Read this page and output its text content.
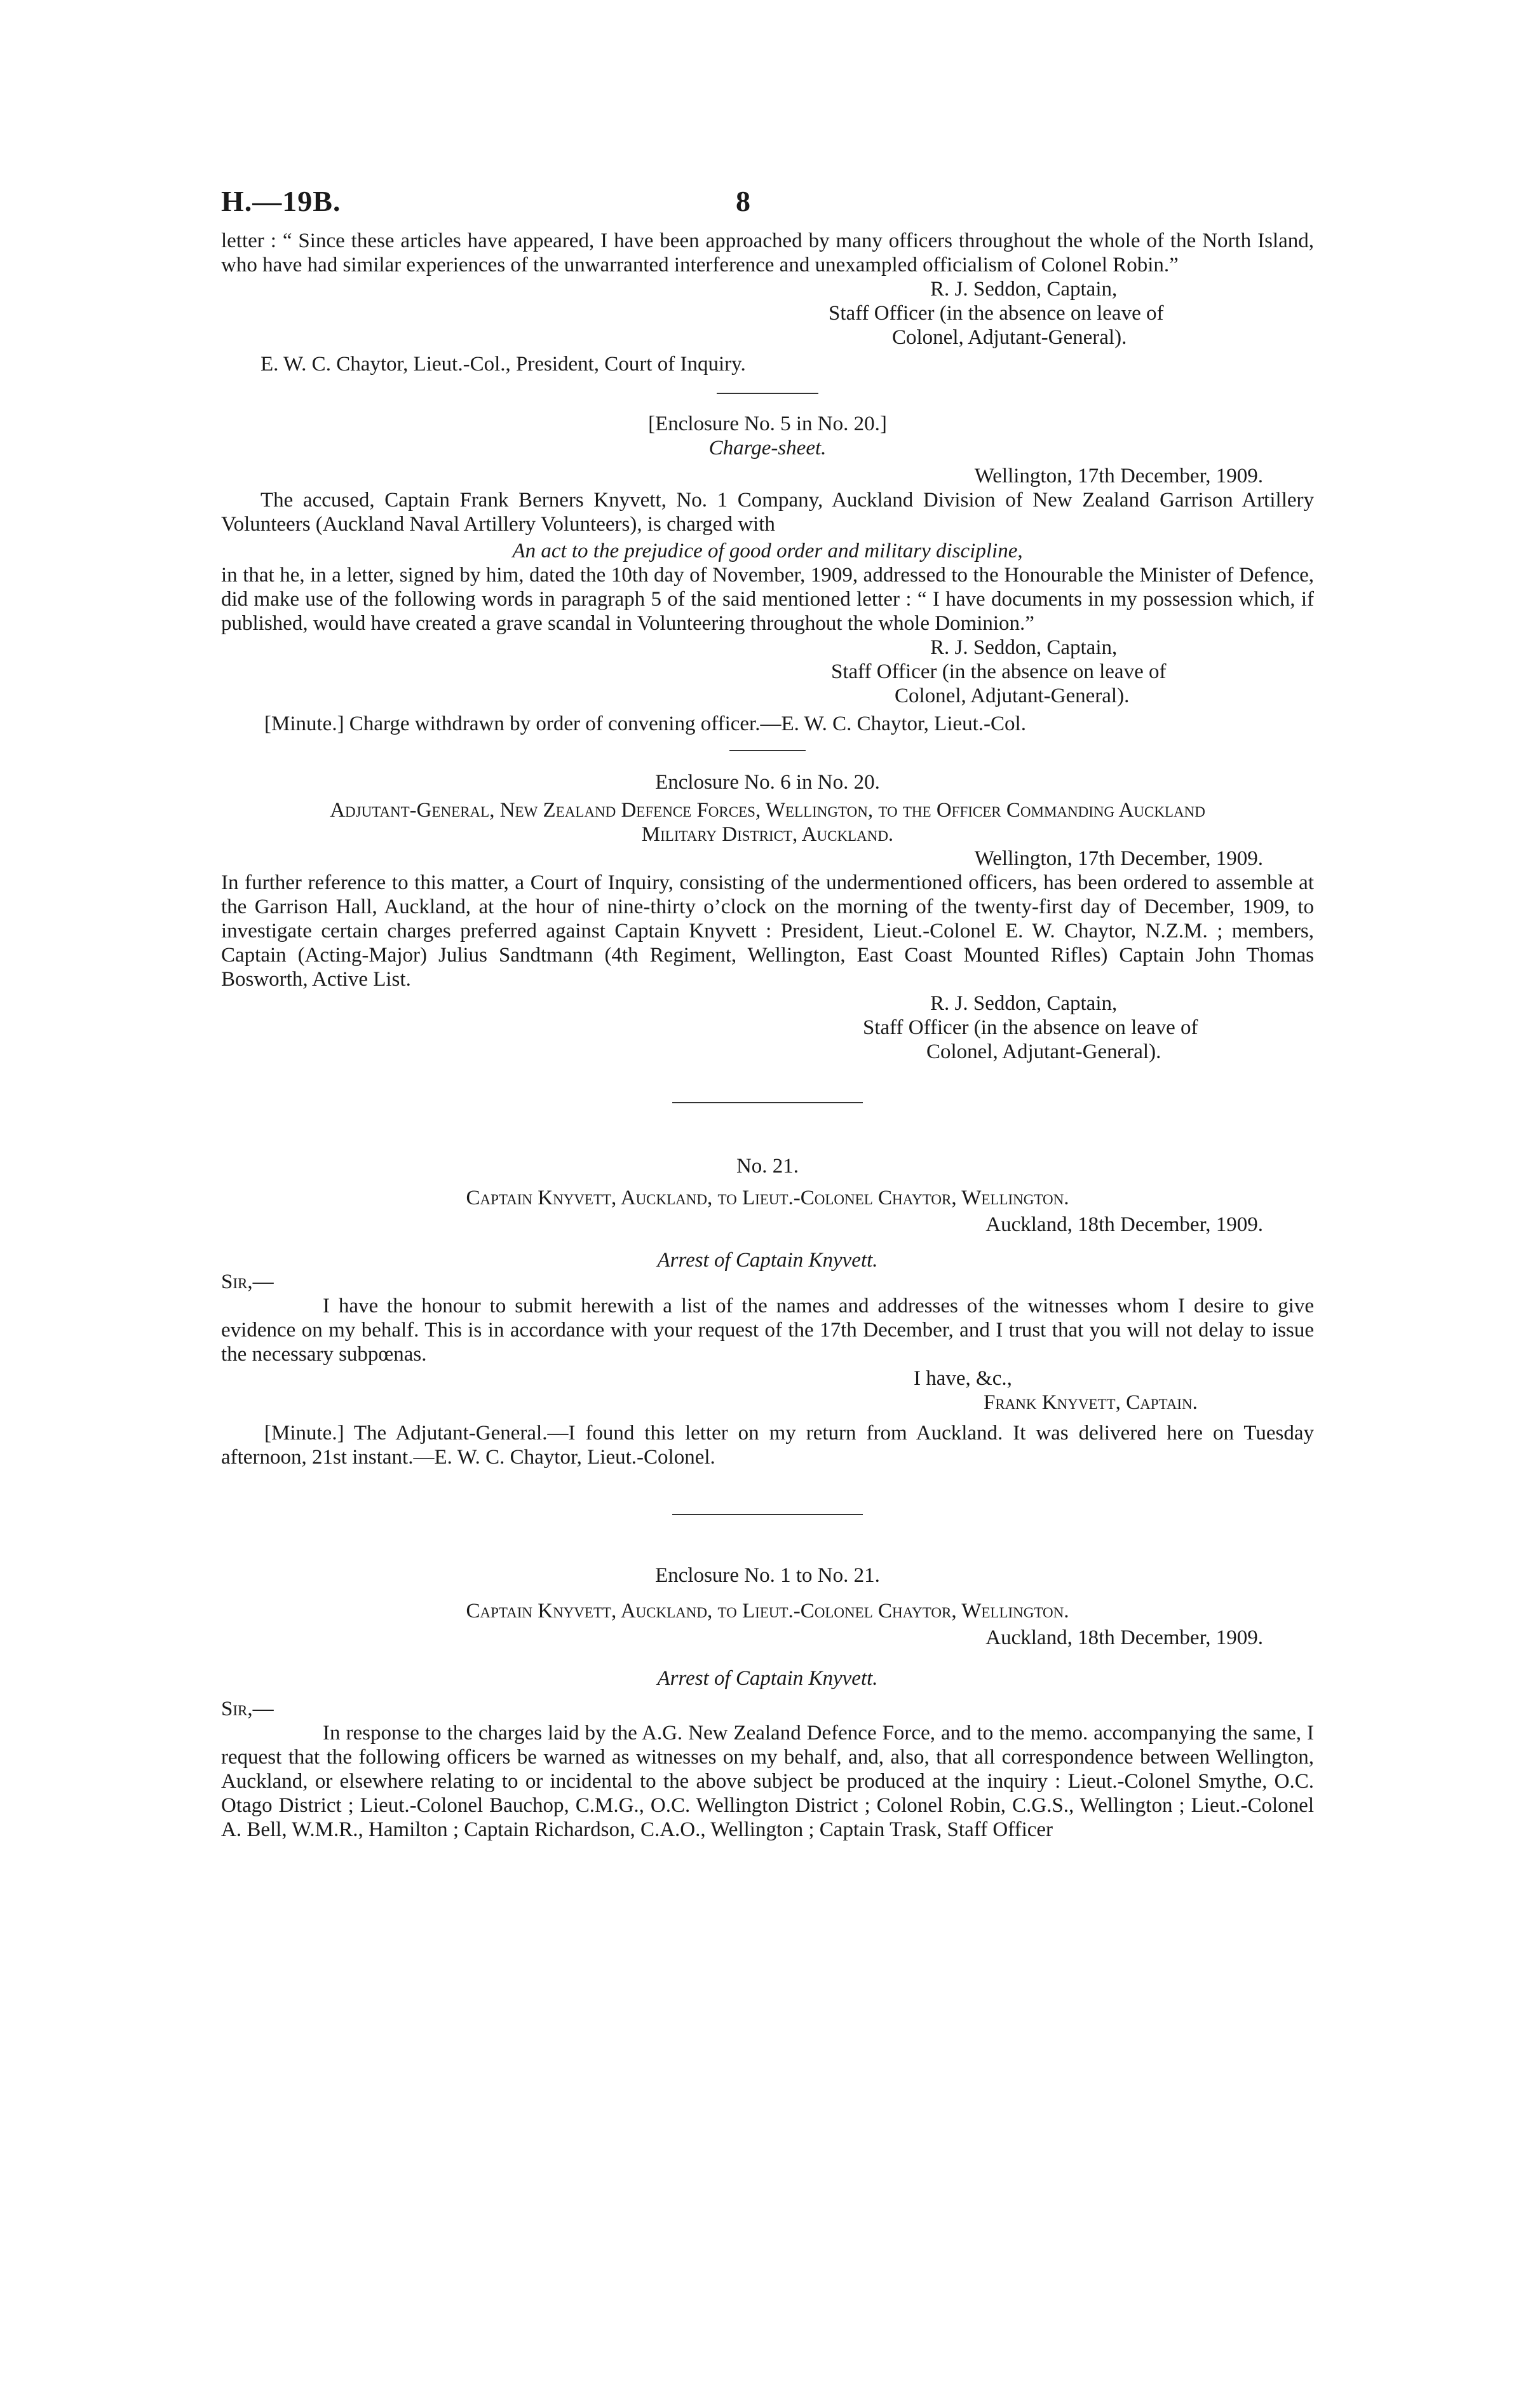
H.—19B.	8

letter : “ Since these articles have appeared, I have been approached by many officers throughout the whole of the North Island, who have had similar experiences of the unwarranted interference and unexampled officialism of Colonel Robin.”

R. J. Seddon, Captain,

Staff Officer (in the absence on leave of

Colonel, Adjutant-General).

E. W. C. Chaytor, Lieut.-Col., President, Court of Inquiry.

[Enclosure No. 5 in No. 20.]

Charge-sheet.

Wellington, 17th December, 1909.

The accused, Captain Frank Berners Knyvett, No. 1 Company, Auckland Division of New Zealand Garrison Artillery Volunteers (Auckland Naval Artillery Volunteers), is charged with

An act to the prejudice of good order and military discipline,

in that he, in a letter, signed by him, dated the 10th day of November, 1909, addressed to the Honourable the Minister of Defence, did make use of the following words in paragraph 5 of the said mentioned letter : “ I have documents in my possession which, if published, would have created a grave scandal in Volunteering throughout the whole Dominion.”

R. J. Seddon, Captain,

Staff Officer (in the absence on leave of

Colonel, Adjutant-General).

[Minute.] Charge withdrawn by order of convening officer.—E. W. C. Chaytor, Lieut.-Col.

Enclosure No. 6 in No. 20.

Adjutant-General, New Zealand Defence Forces, Wellington, to the Officer Commanding Auckland

Military District, Auckland.

Wellington, 17th December, 1909.

In further reference to this matter, a Court of Inquiry, consisting of the undermentioned officers, has been ordered to assemble at the Garrison Hall, Auckland, at the hour of nine-thirty o’clock on the morning of the twenty-first day of December, 1909, to investigate certain charges preferred against Captain Knyvett : President, Lieut.-Colonel E. W. Chaytor, N.Z.M. ; members, Captain (Acting-Major) Julius Sandtmann (4th Regiment, Wellington, East Coast Mounted Rifles) Captain John Thomas Bosworth, Active List.

R. J. Seddon, Captain,

Staff Officer (in the absence on leave of

Colonel, Adjutant-General).

No. 21.

Captain Knyvett, Auckland, to Lieut.-Colonel Chaytor, Wellington.

Auckland, 18th December, 1909.

Arrest of Captain Knyvett.

Sir,—

I have the honour to submit herewith a list of the names and addresses of the witnesses whom I desire to give evidence on my behalf. This is in accordance with your request of the 17th December, and I trust that you will not delay to issue the necessary subpœnas.

I have, &c.,

Frank Knyvett, Captain.

[Minute.] The Adjutant-General.—I found this letter on my return from Auckland. It was delivered here on Tuesday afternoon, 21st instant.—E. W. C. Chaytor, Lieut.-Colonel.

Enclosure No. 1 to No. 21.

Captain Knyvett, Auckland, to Lieut.-Colonel Chaytor, Wellington.

Auckland, 18th December, 1909.

Arrest of Captain Knyvett.

Sir,—

In response to the charges laid by the A.G. New Zealand Defence Force, and to the memo. accompanying the same, I request that the following officers be warned as witnesses on my behalf, and, also, that all correspondence between Wellington, Auckland, or elsewhere relating to or incidental to the above subject be produced at the inquiry : Lieut.-Colonel Smythe, O.C. Otago District ; Lieut.-Colonel Bauchop, C.M.G., O.C. Wellington District ; Colonel Robin, C.G.S., Wellington ; Lieut.-Colonel A. Bell, W.M.R., Hamilton ; Captain Richardson, C.A.O., Wellington ; Captain Trask, Staff Officer
